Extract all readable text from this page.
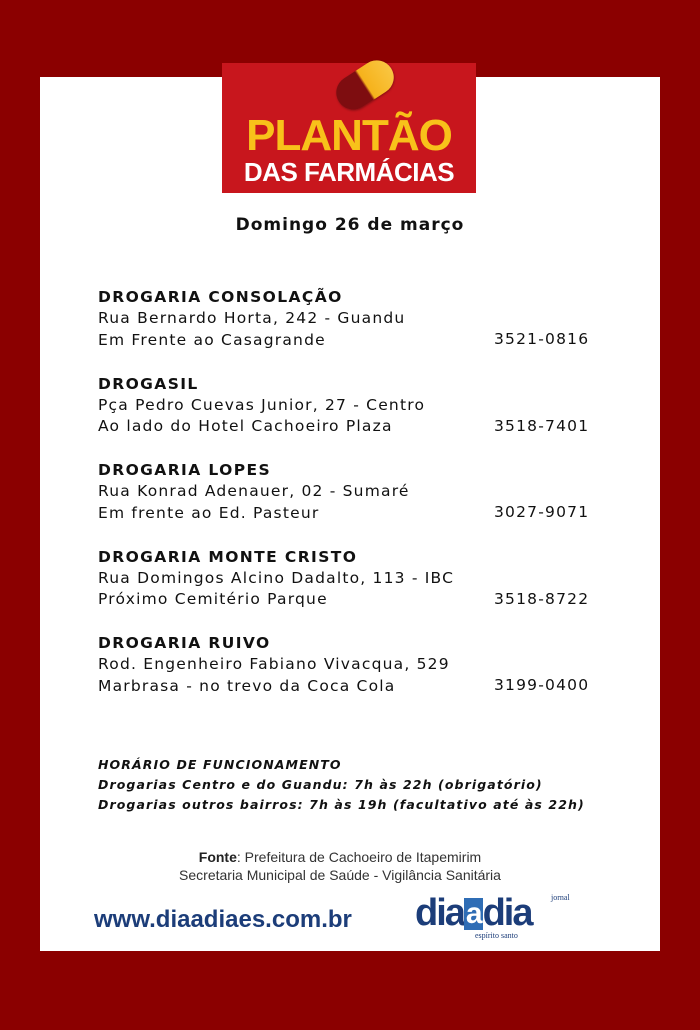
PLANTÃO
DAS FARMÁCIAS
Domingo 26 de março
DROGARIA CONSOLAÇÃO
Rua Bernardo Horta, 242 - Guandu
Em Frente ao Casagrande	3521-0816
DROGASIL
Pça Pedro Cuevas Junior, 27 - Centro
Ao lado do Hotel Cachoeiro Plaza	3518-7401
DROGARIA LOPES
Rua Konrad Adenauer, 02 - Sumaré
Em frente ao Ed. Pasteur	3027-9071
DROGARIA MONTE CRISTO
Rua Domingos Alcino Dadalto, 113 - IBC
Próximo Cemitério Parque	3518-8722
DROGARIA RUIVO
Rod. Engenheiro Fabiano Vivacqua, 529
Marbrasa - no trevo da Coca Cola	3199-0400
HORÁRIO DE FUNCIONAMENTO
Drogarias Centro e do Guandu: 7h às 22h (obrigatório)
Drogarias outros bairros: 7h às 19h (facultativo até às 22h)
Fonte: Prefeitura de Cachoeiro de Itapemirim
Secretaria Municipal de Saúde - Vigilância Sanitária
www.diaadiaes.com.br diaadia jornal
espírito santo
